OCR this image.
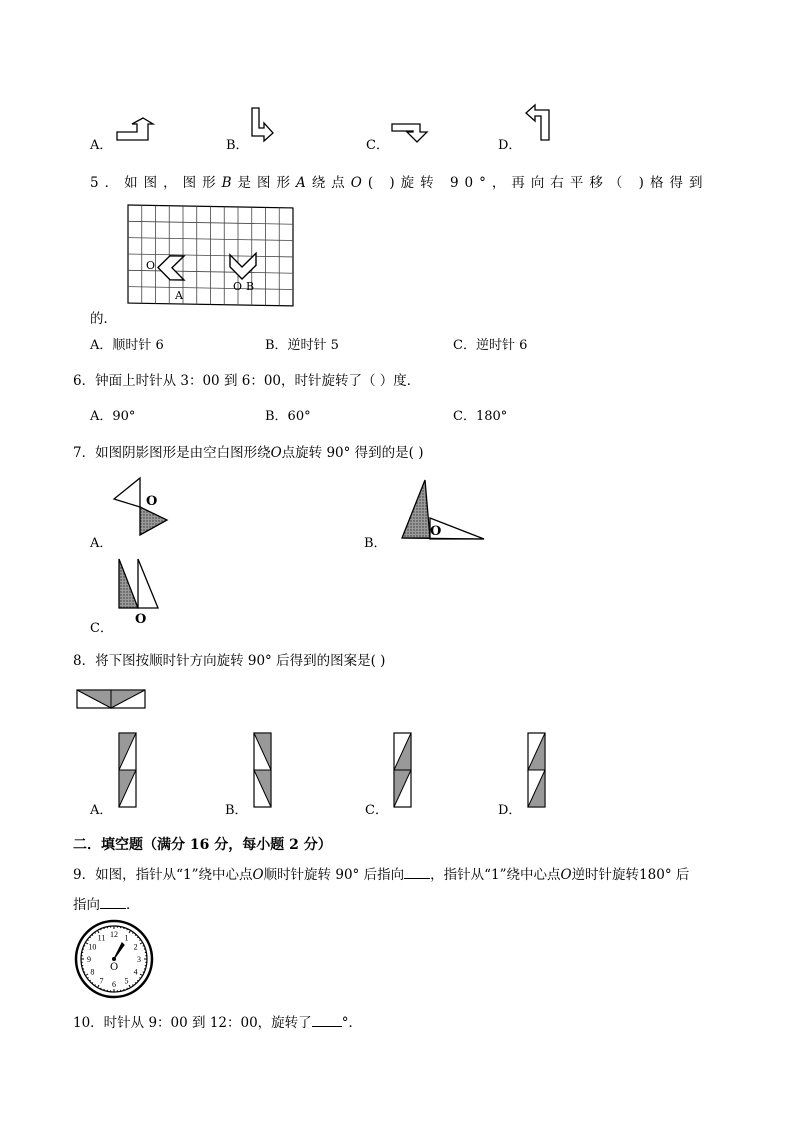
A．	B．	C．	D．
5．如图，图形B是图形A绕点O( )旋转 90°，再向右平移（ )格得到
O
A
O B
的．
A．顺时针 6	B．逆时针 5	C．逆时针 6
6．钟面上时针从 3：00 到 6：00，时针旋转了（ ）度．
A．90°	B．60°	C．180°
7．如图阴影图形是由空白图形绕O点旋转 90° 得到的是( )
O
A．
O
B．
O
C．
8．将下图按顺时针方向旋转 90° 后得到的图案是( )
A．	B．	C．	D．
二．填空题（满分 16 分，每小题 2 分）
9．如图，指针从“1”绕中心点O顺时针旋转 90° 后指向 ，指针从“1”绕中心点O逆时针旋转180° 后
指向 ．
12 1
2
3
4
5
6
7
8
9
10
11
O
10．时针从 9：00 到 12：00，旋转了 °．
